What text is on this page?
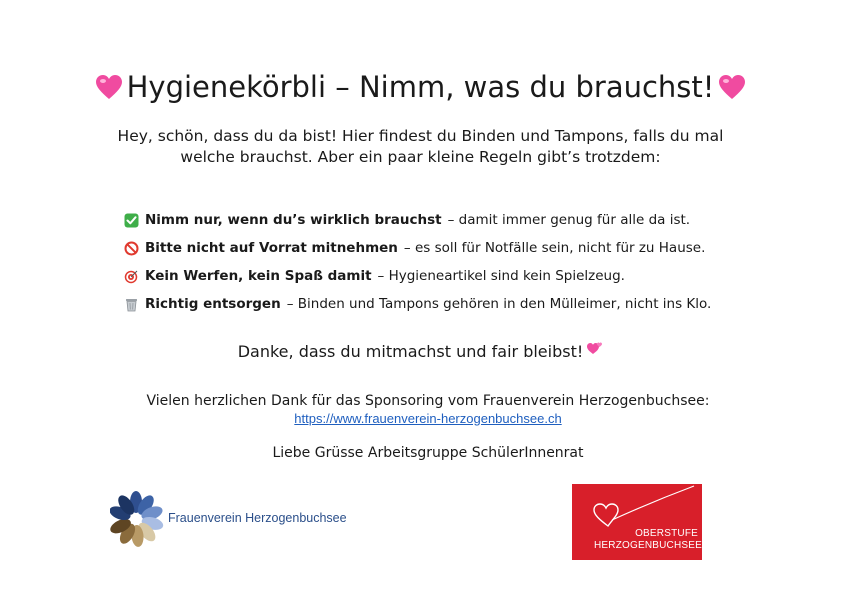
Hygienekörbli – Nimm, was du brauchst!
Hey, schön, dass du da bist! Hier findest du Binden und Tampons, falls du mal
welche brauchst. Aber ein paar kleine Regeln gibt’s trotzdem:
Nimm nur, wenn du’s wirklich brauchst – damit immer genug für alle da ist.
Bitte nicht auf Vorrat mitnehmen – es soll für Notfälle sein, nicht für zu Hause.
Kein Werfen, kein Spaß damit – Hygieneartikel sind kein Spielzeug.
Richtig entsorgen – Binden und Tampons gehören in den Mülleimer, nicht ins Klo.
Danke, dass du mitmachst und fair bleibst!
Vielen herzlichen Dank für das Sponsoring vom Frauenverein Herzogenbuchsee:
https://www.frauenverein-herzogenbuchsee.ch
Liebe Grüsse Arbeitsgruppe SchülerInnenrat
Frauenverein Herzogenbuchsee
OBERSTUFE
HERZOGENBUCHSEE
